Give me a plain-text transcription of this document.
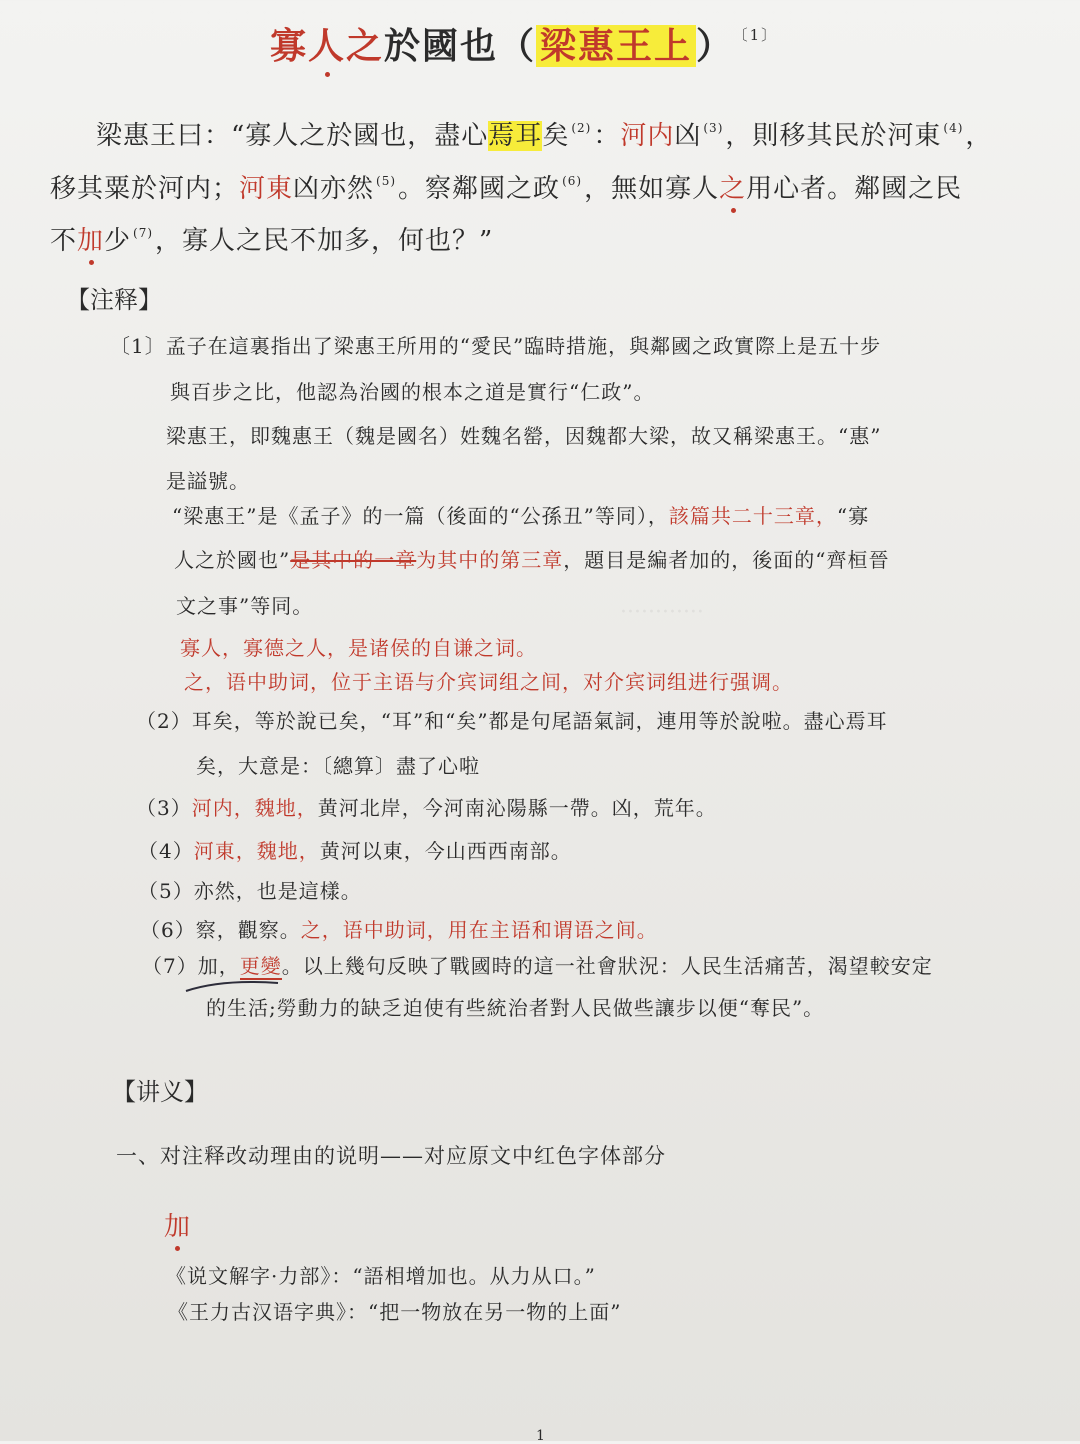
············
寡人之於國也（ 梁惠王上 ） $^{〔1〕}$
梁惠王曰：“寡人之於國也，盡心焉耳矣 $^{(2)}$：河内凶 $^{(3)}$，則移其民於河東 $^{(4)}$，
移其粟於河内；河東凶亦然 $^{(5)}$。察鄰國之政 $^{(6)}$，無如寡人之用心者。鄰國之民
不加少 $^{(7)}$，寡人之民不加多，何也？”
【注释】
〔1〕孟子在這裏指出了梁惠王所用的“愛民”臨時措施，與鄰國之政實際上是五十步
與百步之比，他認為治國的根本之道是實行“仁政”。
梁惠王，即魏惠王（魏是國名）姓魏名罃，因魏都大梁，故又稱梁惠王。“惠”
是謚號。
“梁惠王”是《孟子》的一篇（後面的“公孫丑”等同），該篇共二十三章，“寡
人之於國也”是其中的一章为其中的第三章，題目是編者加的，後面的“齊桓晉
文之事”等同。
寡人，寡德之人，是诸侯的自谦之词。
之，语中助词，位于主语与介宾词组之间，对介宾词组进行强调。
（2）耳矣，等於說已矣，“耳”和“矣”都是句尾語氣詞，連用等於說啦。盡心焉耳
矣，大意是：〔總算〕盡了心啦
（3）河内，魏地，黄河北岸，今河南沁陽縣一帶。凶，荒年。
（4）河東，魏地，黄河以東，今山西西南部。
（5）亦然，也是這樣。
（6）察，觀察。之，语中助词，用在主语和谓语之间。
（7）加，更變。以上幾句反映了戰國時的這一社會狀況：人民生活痛苦，渴望較安定
的生活;勞動力的缺乏迫使有些統治者對人民做些讓步以便“奪民”。
【讲义】
一、对注释改动理由的说明——对应原文中红色字体部分
加
《说文解字·力部》：“語相增加也。从力从口。”
《王力古汉语字典》：“把一物放在另一物的上面”
1
